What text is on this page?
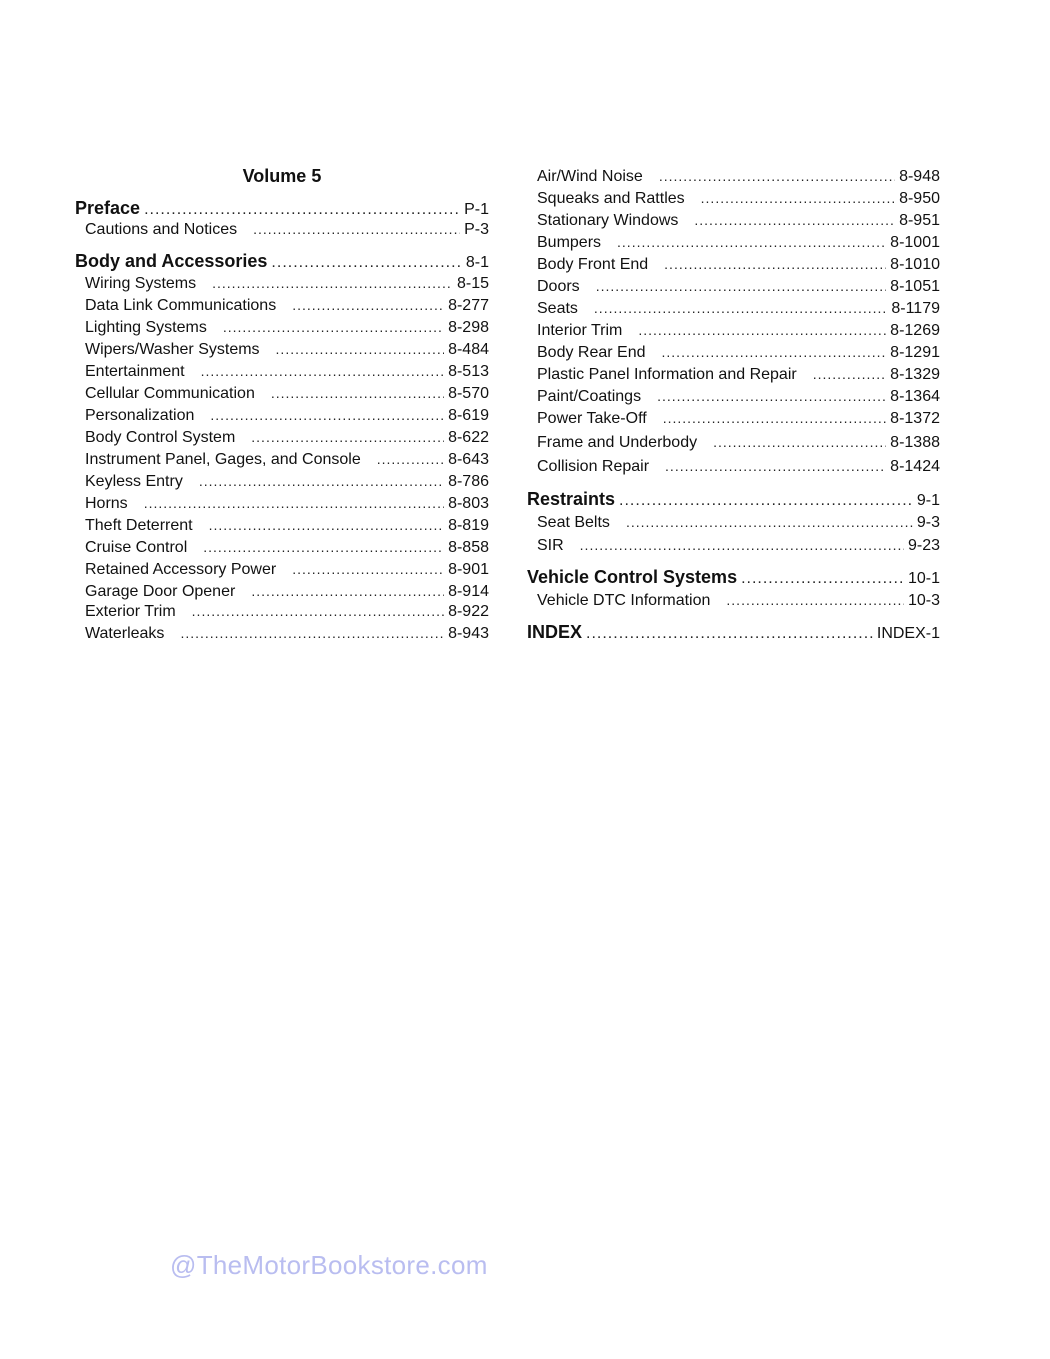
Volume 5
Preface .....	P-1
Cautions and Notices .....	P-3
Body and Accessories .....	8-1
Wiring Systems .....	8-15
Data Link Communications .....	8-277
Lighting Systems .....	8-298
Wipers/Washer Systems .....	8-484
Entertainment .....	8-513
Cellular Communication .....	8-570
Personalization .....	8-619
Body Control System .....	8-622
Instrument Panel, Gages, and Console .....	8-643
Keyless Entry .....	8-786
Horns .....	8-803
Theft Deterrent .....	8-819
Cruise Control .....	8-858
Retained Accessory Power .....	8-901
Garage Door Opener .....	8-914
Exterior Trim .....	8-922
Waterleaks .....	8-943
Air/Wind Noise .....	8-948
Squeaks and Rattles .....	8-950
Stationary Windows .....	8-951
Bumpers .....	8-1001
Body Front End .....	8-1010
Doors .....	8-1051
Seats .....	8-1179
Interior Trim .....	8-1269
Body Rear End .....	8-1291
Plastic Panel Information and Repair .....	8-1329
Paint/Coatings .....	8-1364
Power Take-Off .....	8-1372
Frame and Underbody .....	8-1388
Collision Repair .....	8-1424
Restraints .....	9-1
Seat Belts .....	9-3
SIR .....	9-23
Vehicle Control Systems .....	10-1
Vehicle DTC Information .....	10-3
INDEX .....	INDEX-1
@TheMotorBookstore.com
